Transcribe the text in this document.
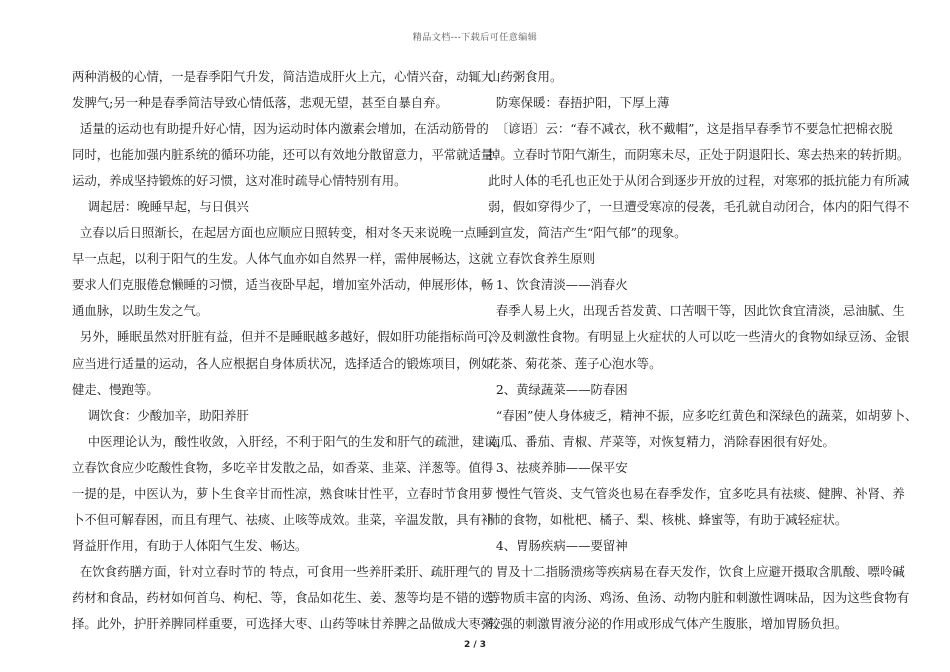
精品文档---下载后可任意编辑

两种消极的心情，一是春季阳气升发，简洁造成肝火上亢，心情兴奋，动辄大

发脾气;另一种是春季简洁导致心情低落，悲观无望，甚至自暴自弃。

适量的运动也有助提升好心情，因为运动时体内激素会增加，在活动筋骨的

同时，也能加强内脏系统的循环功能，还可以有效地分散留意力，平常就适量

运动，养成坚持锻炼的好习惯，这对准时疏导心情特别有用。

调起居：晚睡早起，与日俱兴

立春以后日照渐长，在起居方面也应顺应日照转变，相对冬天来说晚一点睡、

早一点起，以利于阳气的生发。人体气血亦如自然界一样，需伸展畅达，这就

要求人们克服倦怠懒睡的习惯，适当夜卧早起，增加室外活动，伸展形体，畅

通血脉，以助生发之气。

另外，睡眠虽然对肝脏有益，但并不是睡眠越多越好，假如肝功能指标尚可，

应当进行适量的运动，各人应根据自身体质状况，选择适合的锻炼项目，例如

健走、慢跑等。

调饮食：少酸加辛，助阳养肝

中医理论认为，酸性收敛，入肝经，不利于阳气的生发和肝气的疏泄，建议，

立春饮食应少吃酸性食物，多吃辛甘发散之品，如香菜、韭菜、洋葱等。值得

一提的是，中医认为，萝卜生食辛甘而性凉，熟食味甘性平，立春时节食用萝

卜不但可解春困，而且有理气、祛痰、止咳等成效。韭菜，辛温发散，具有补

肾益肝作用，有助于人体阳气生发、畅达。

在饮食药膳方面，针对立春时节的 特点，可食用一些养肝柔肝、疏肝理气的

药材和食品，药材如何首乌、枸杞、等，食品如花生、姜、葱等均是不错的选

择。此外，护肝养脾同样重要，可选择大枣、山药等味甘养脾之品做成大枣粥、

山药粥食用。

防寒保暖：春捂护阳，下厚上薄

〔谚语〕云：“春不减衣，秋不戴帽”，这是指早春季节不要急忙把棉衣脱

掉。立春时节阳气渐生，而阴寒未尽，正处于阴退阳长、寒去热来的转折期。

此时人体的毛孔也正处于从闭合到逐步开放的过程，对寒邪的抵抗能力有所减

弱，假如穿得少了，一旦遭受寒凉的侵袭，毛孔就自动闭合，体内的阳气得不

到宣发，简洁产生“阳气郁”的现象。

立春饮食养生原则

1、饮食清淡——消春火

春季人易上火，出现舌苔发黄、口苦咽干等，因此饮食宜清淡，忌油腻、生

冷及刺激性食物。有明显上火症状的人可以吃一些清火的食物如绿豆汤、金银

花茶、菊花茶、莲子心泡水等。

2、黄绿蔬菜——防春困

“春困”使人身体疲乏，精神不振，应多吃红黄色和深绿色的蔬菜，如胡萝卜、

南瓜、番茄、青椒、芹菜等，对恢复精力，消除春困很有好处。

3、祛痰养肺——保平安

慢性气管炎、支气管炎也易在春季发作，宜多吃具有祛痰、健脾、补肾、养

肺的食物，如枇杷、橘子、梨、核桃、蜂蜜等，有助于减轻症状。

4、胃肠疾病——要留神

胃及十二指肠溃疡等疾病易在春天发作，饮食上应避开摄取含肌酸、嘌呤碱

等物质丰富的肉汤、鸡汤、鱼汤、动物内脏和刺激性调味品，因为这些食物有

较强的刺激胃液分泌的作用或形成气体产生腹胀，增加胃肠负担。

2 / 3
